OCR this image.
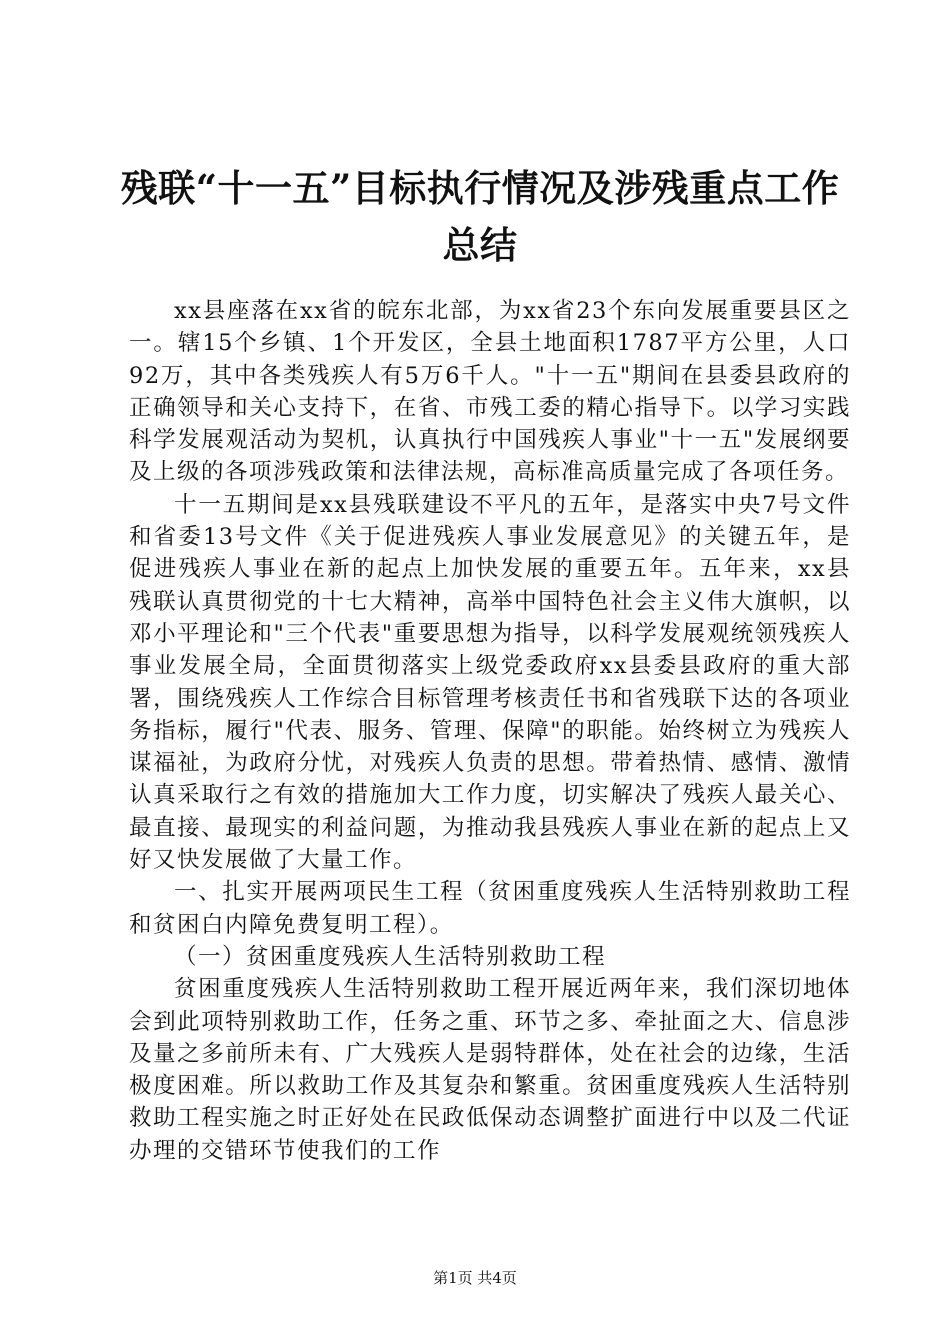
残联“十一五”目标执行情况及涉残重点工作
总结

xx县座落在xx省的皖东北部，为xx省23个东向发展重要县区之一。辖15个乡镇、1个开发区，全县土地面积1787平方公里，人口92万，其中各类残疾人有5万6千人。"十一五"期间在县委县政府的正确领导和关心支持下，在省、市残工委的精心指导下。以学习实践科学发展观活动为契机，认真执行中国残疾人事业"十一五"发展纲要及上级的各项涉残政策和法律法规，高标准高质量完成了各项任务。

十一五期间是xx县残联建设不平凡的五年，是落实中央7号文件和省委13号文件《关于促进残疾人事业发展意见》的关键五年，是促进残疾人事业在新的起点上加快发展的重要五年。五年来，xx县残联认真贯彻党的十七大精神，高举中国特色社会主义伟大旗帜，以邓小平理论和"三个代表"重要思想为指导，以科学发展观统领残疾人事业发展全局，全面贯彻落实上级党委政府xx县委县政府的重大部署，围绕残疾人工作综合目标管理考核责任书和省残联下达的各项业务指标，履行"代表、服务、管理、保障"的职能。始终树立为残疾人谋福祉，为政府分忧，对残疾人负责的思想。带着热情、感情、激情认真采取行之有效的措施加大工作力度，切实解决了残疾人最关心、最直接、最现实的利益问题，为推动我县残疾人事业在新的起点上又好又快发展做了大量工作。

一、扎实开展两项民生工程（贫困重度残疾人生活特别救助工程和贫困白内障免费复明工程）。

（一）贫困重度残疾人生活特别救助工程

贫困重度残疾人生活特别救助工程开展近两年来，我们深切地体会到此项特别救助工作，任务之重、环节之多、牵扯面之大、信息涉及量之多前所未有、广大残疾人是弱特群体，处在社会的边缘，生活极度困难。所以救助工作及其复杂和繁重。贫困重度残疾人生活特别救助工程实施之时正好处在民政低保动态调整扩面进行中以及二代证办理的交错环节使我们的工作

第1页 共4页
